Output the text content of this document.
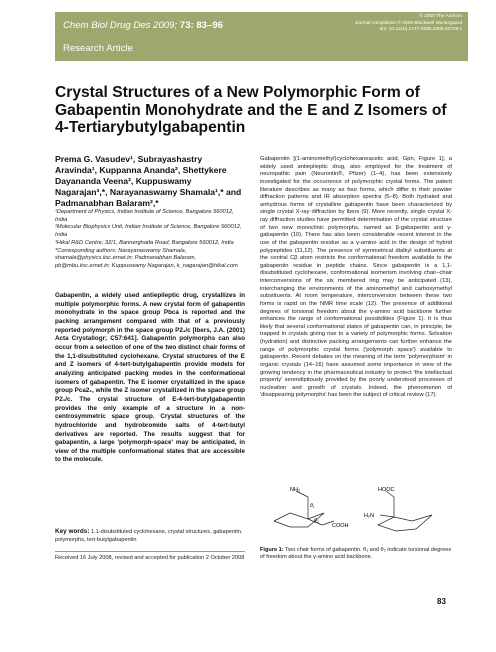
Chem Biol Drug Des 2009; 73: 83–96
Research Article
© 2008 The Authors
Journal compilation © 2008 Blackwell Munksgaard
doi: 10.1111/j.1747-0285.2008.00728.x
Crystal Structures of a New Polymorphic Form of Gabapentin Monohydrate and the E and Z Isomers of 4-Tertiarybutylgabapentin
Prema G. Vasudev¹, Subrayashastry Aravinda¹, Kuppanna Ananda², Shettykere Dayananda Veena², Kuppuswamy Nagarajan³,*, Narayanaswamy Shamala¹,* and Padmanabhan Balaram²,*

¹Department of Physics, Indian Institute of Science, Bangalore 560012, India

²Molecular Biophysics Unit, Indian Institute of Science, Bangalore 560012, India

³Hikal R&D Centre, 32/1, Bannerghatta Road, Bangalore 560012, India

*Corresponding authors: Narayanaswamy Shamala, shamala@physics.iisc.ernet.in; Padmanabhan Balaram, pb@mbu.iisc.ernet.in; Kuppuswamy Nagarajan, k_nagarajan@hikal.com

Gabapentin, a widely used antiepileptic drug, crystallizes in multiple polymorphic forms. A new crystal form of gabapentin monohydrate in the space group Pbca is reported and the packing arrangement compared with that of a previously reported polymorph in the space group P2₁/c [Ibers, J.A. (2001) Acta Crystallogr; C57:641]. Gabapentin polymorphs can also occur from a selection of one of the two distinct chair forms of the 1,1-disubstituted cyclohexane. Crystal structures of the E and Z isomers of 4-tert-butylgabapentin provide models for analyzing anticipated packing modes in the conformational isomers of gabapentin. The E isomer crystallized in the space group Pca2₁, while the Z isomer crystallized in the space group P2₁/c. The crystal structure of E-4-tert-butylgabapentin provides the only example of a structure in a non-centrosymmetric space group. Crystal structures of the hydrochloride and hydrobromide salts of 4-tert-butyl derivatives are reported. The results suggest that for gabapentin, a large 'polymorph-space' may be anticipated, in view of the multiple conformational states that are accessible to the molecule.
Key words: 1,1-disubstituted cyclohexane, crystal structures, gabapentin, polymorphs, tert-butylgabapentin
Received 16 July 2008, revised and accepted for publication 2 October 2008
Gabapentin [(1-aminomethyl)cyclohexaneacetic acid, Gpn, Figure 1], a widely used antiepileptic drug, also employed for the treatment of neuropathic pain (Neurontin®, Pfizer) (1–4), has been extensively investigated for the occurrence of polymorphic crystal forms. The patent literature describes as many as four forms, which differ in their powder diffraction patterns and IR absorption spectra (5–8). Both hydrated and anhydrous forms of crystalline gabapentin have been characterized by single crystal X-ray diffraction by Ibers (9). More recently, single crystal X-ray diffraction studies have permitted determination of the crystal structure of two new monoclinic polymorphs, named as β-gabapentin and γ-gabapentin (10). There has also been considerable recent interest in the use of the gabapentin residue as a γ-amino acid in the design of hybrid polypeptides (11,12). The presence of symmetrical dialkyl substituents at the central Cβ atom restricts the conformational freedom available to the gabapentin residue in peptide chains. Since gabapentin is a 1,1-disubstituted cyclohexane, conformational isomerism involving chair–chair interconversions of the six membered ring may be anticipated (13), interchanging the environments of the aminomethyl and carboxymethyl substituents. At room temperature, interconversion between these two forms is rapid on the NMR time scale (12). The presence of additional degrees of torsional freedom about the γ-amino acid backbone further enhances the range of conformational possibilities (Figure 1). It is thus likely that several conformational states of gabapentin can, in principle, be trapped in crystals giving rise to a variety of polymorphic forms. Solvation (hydration) and distinctive packing arrangements can further enhance the range of polymorphic crystal forms ('polymorph space') available to gabapentin. Recent debates on the meaning of the term 'polymorphism' in organic crystals (14–16) have assumed some importance in view of the growing tendency in the pharmaceutical industry to protect 'the intellectual property' serendipitously provided by the poorly understood processes of nucleation and growth of crystals. Indeed, the phenomenon of 'disappearing polymorphs' has been the subject of critical review (17).
NH₂
θ₁
θ₂
COOH
HOOC
H₂N
Figure 1: Two chair forms of gabapentin. θ₁ and θ₂ indicate torsional degrees of freedom about the γ-amino acid backbone.
83
